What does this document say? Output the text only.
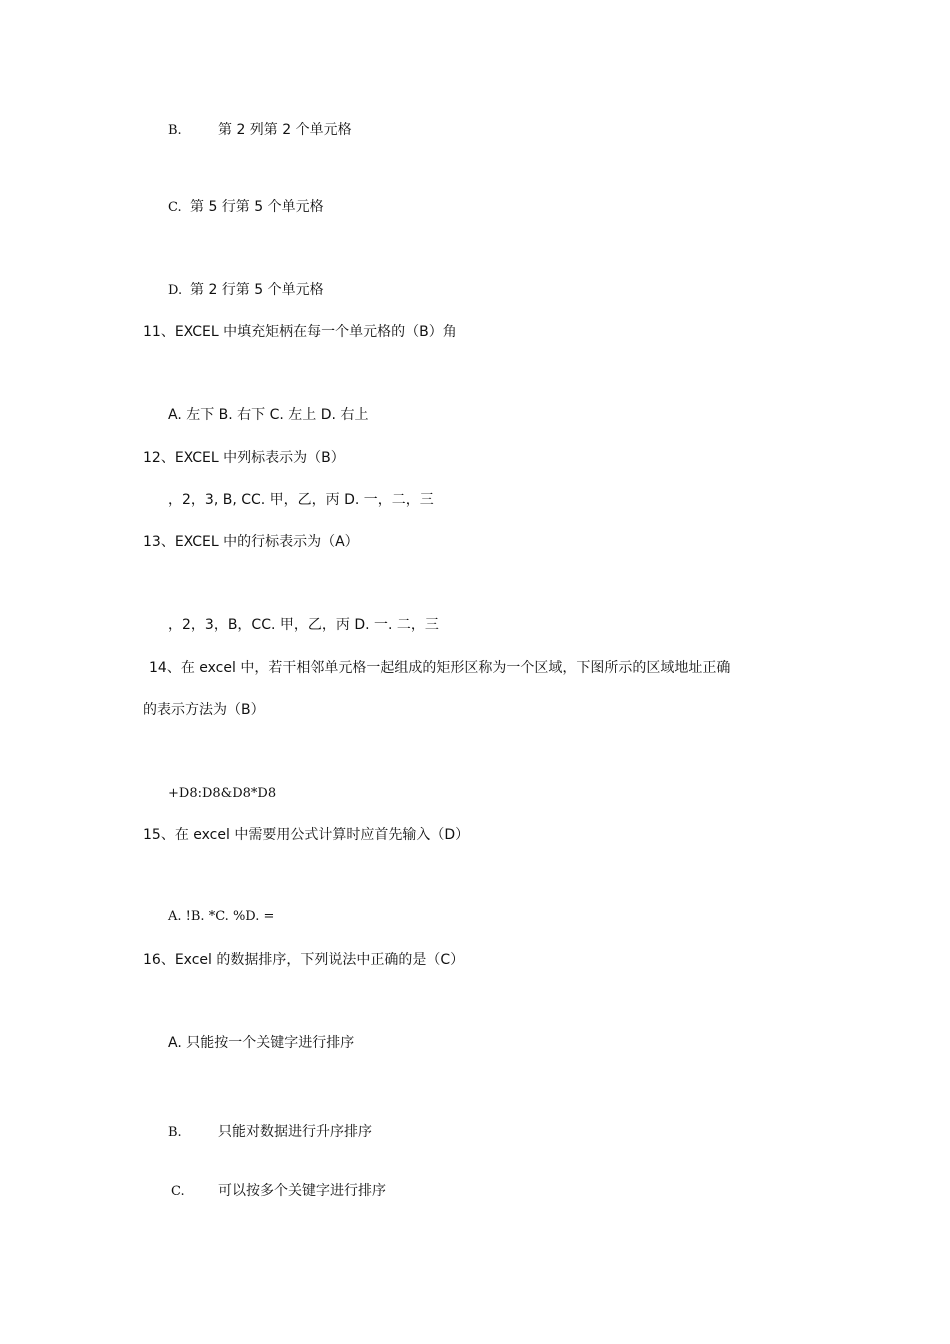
B.	第 2 列第 2 个单元格
C. 第 5 行第 5 个单元格
D. 第 2 行第 5 个单元格
11、EXCEL 中填充矩柄在每一个单元格的（B）角
A. 左下 B. 右下 C. 左上 D. 右上
12、EXCEL 中列标表示为（B）
，2，3, B, CC. 甲，乙，丙 D. 一，二，三
13、EXCEL 中的行标表示为（A）
，2，3，B，CC. 甲，乙，丙 D. 一. 二，三
14、在 excel 中，若干相邻单元格一起组成的矩形区称为一个区域，下图所示的区域地址正确
的表示方法为（B）
+D8:D8&D8*D8
15、在 excel 中需要用公式计算时应首先输入（D）
A. !B. *C. %D. =
16、Excel 的数据排序，下列说法中正确的是（C）
A. 只能按一个关键字进行排序
B.	只能对数据进行升序排序
C. 可以按多个关键字进行排序
